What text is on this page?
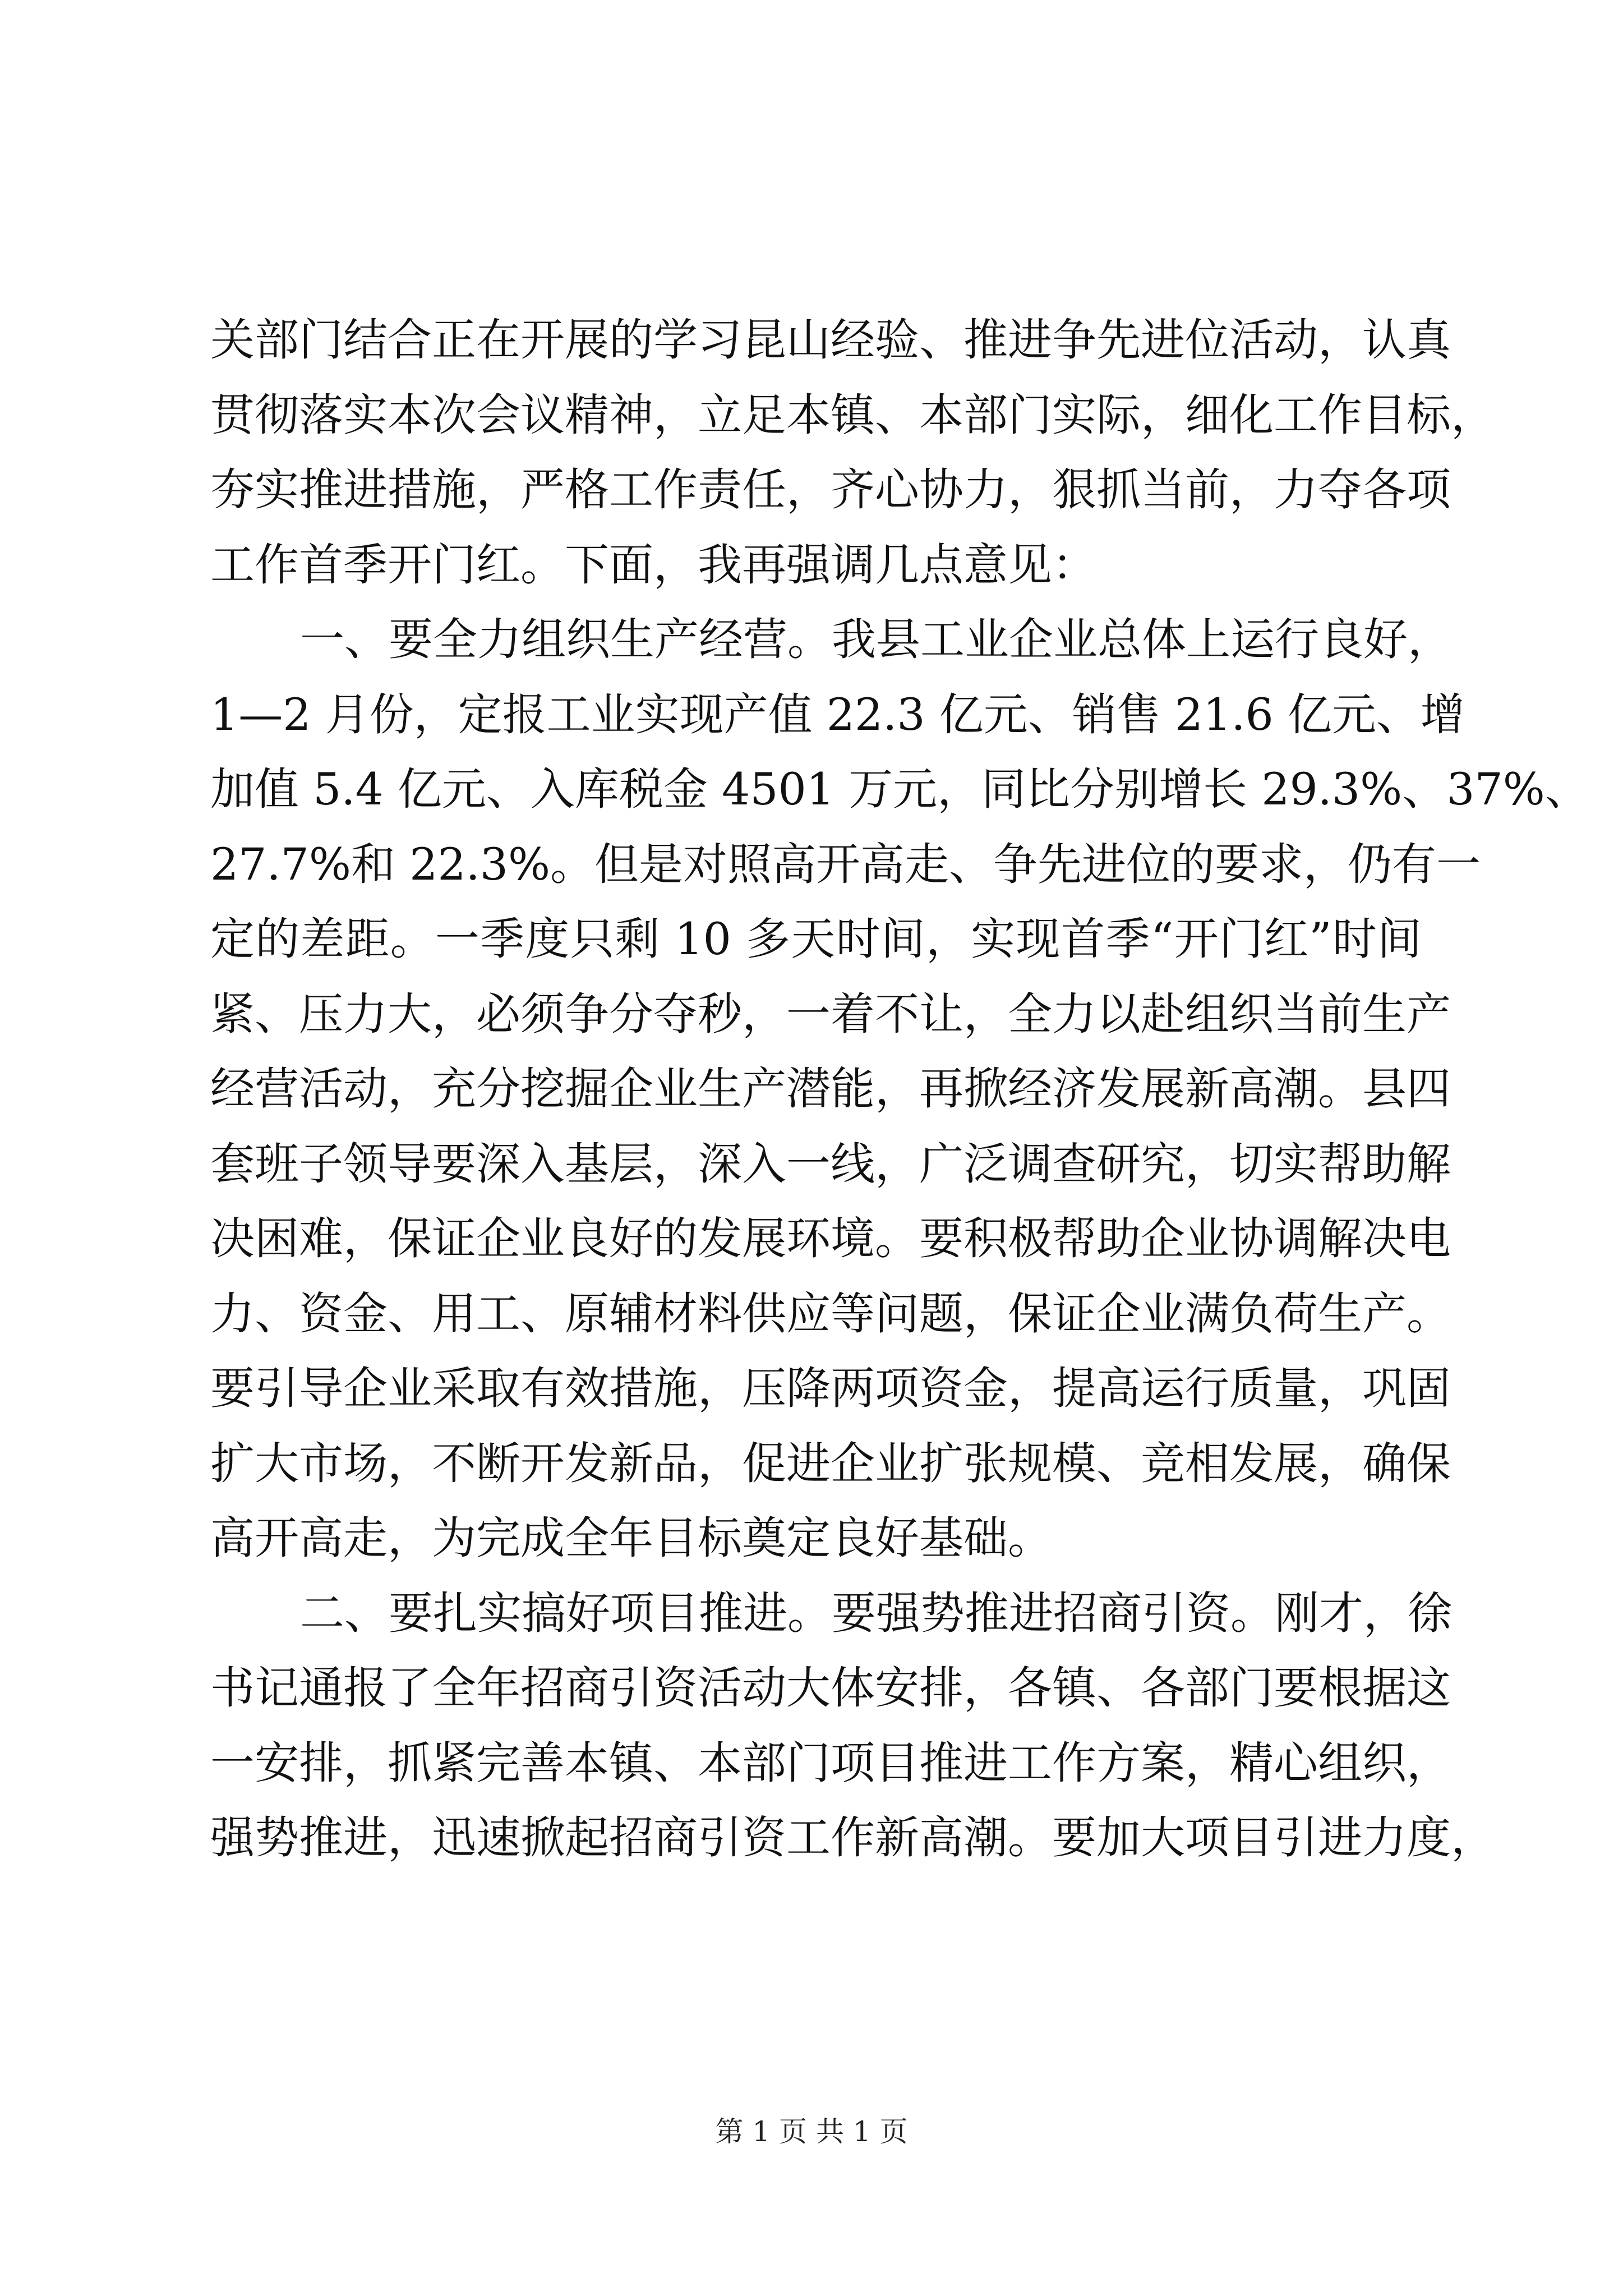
关部门结合正在开展的学习昆山经验、推进争先进位活动，认真
贯彻落实本次会议精神，立足本镇、本部门实际，细化工作目标，
夯实推进措施，严格工作责任，齐心协力，狠抓当前，力夺各项
工作首季开门红。下面，我再强调几点意见：
一、要全力组织生产经营。我县工业企业总体上运行良好，
1—2 月份，定报工业实现产值 22.3 亿元、销售 21.6 亿元、增
加值 5.4 亿元、入库税金 4501 万元，同比分别增长 29.3%、37%、
27.7%和 22.3%。但是对照高开高走、争先进位的要求，仍有一
定的差距。一季度只剩 10 多天时间，实现首季“开门红”时间
紧、压力大，必须争分夺秒，一着不让，全力以赴组织当前生产
经营活动，充分挖掘企业生产潜能，再掀经济发展新高潮。县四
套班子领导要深入基层，深入一线，广泛调查研究，切实帮助解
决困难，保证企业良好的发展环境。要积极帮助企业协调解决电
力、资金、用工、原辅材料供应等问题，保证企业满负荷生产。
要引导企业采取有效措施，压降两项资金，提高运行质量，巩固
扩大市场，不断开发新品，促进企业扩张规模、竞相发展，确保
高开高走，为完成全年目标奠定良好基础。
二、要扎实搞好项目推进。要强势推进招商引资。刚才，徐
书记通报了全年招商引资活动大体安排，各镇、各部门要根据这
一安排，抓紧完善本镇、本部门项目推进工作方案，精心组织，
强势推进，迅速掀起招商引资工作新高潮。要加大项目引进力度，
第 1 页 共 1 页
